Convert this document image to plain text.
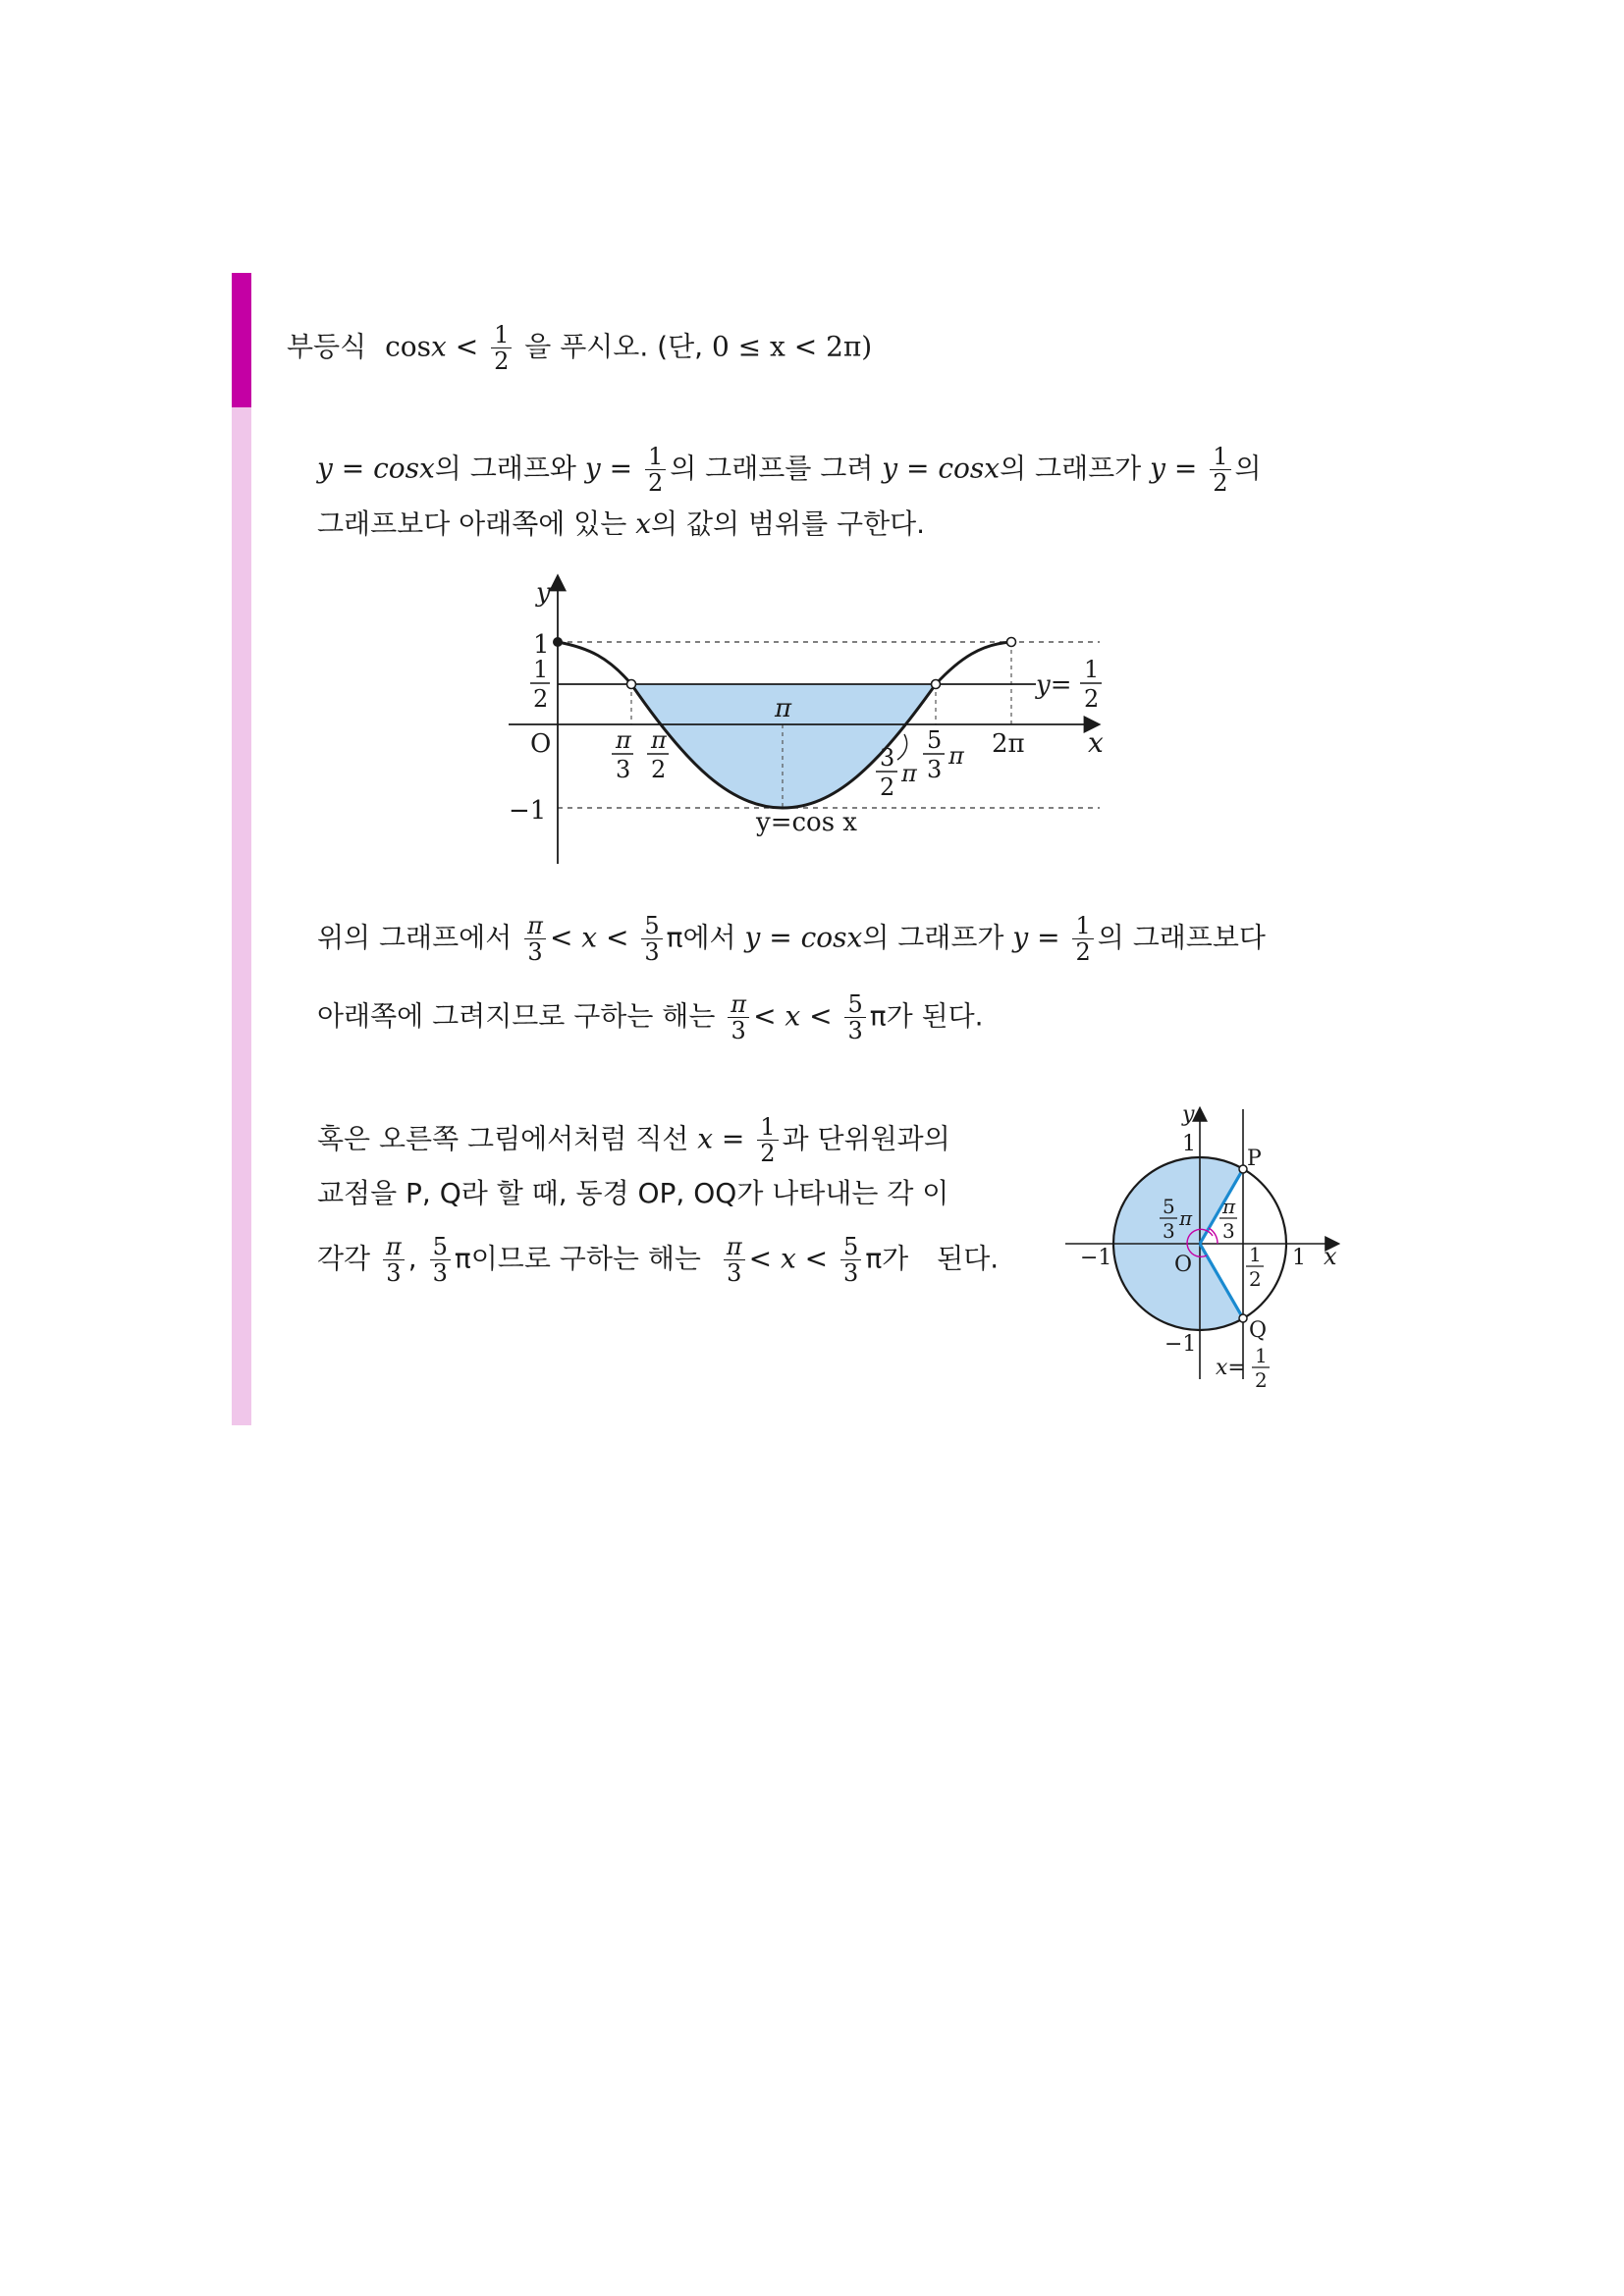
부등식 $\cos x < \frac{1}{2}$ 을 푸시오. (단, 0 ≤ x < 2π)
y = cosx의 그래프와 $y = \frac{1}{2}$ 의 그래프를 그려 y = cosx의 그래프가 $y = \frac{1}{2}$ 의
그래프보다 아래쪽에 있는 x의 값의 범위를 구한다.
y
x
1
1
2
O
−1
π
3
π
2
π
3
2 π
5
3 π 2π
y=
1
2
y=cos x
위의 그래프에서 $\frac{\pi}{3} < x < \frac{5}{3}$ π에서 y = cosx의 그래프가 $y = \frac{1}{2}$ 의 그래프보다
아래쪽에 그려지므로 구하는 해는 $\frac{\pi}{3} < x < \frac{5}{3}$ π가 된다.
혹은 오른쪽 그림에서처럼 직선 $x = \frac{1}{2}$ 과 단위원과의
교점을 P, Q라 할 때, 동경 OP, OQ가 나타내는 각 이
각각 $\frac{\pi}{3}$ , $\frac{5}{3}$ π이므로 구하는 해는 $\frac{\pi}{3} < x < \frac{5}{3}$ π가 된다.
y
1
P
−1	O	1 x
Q
−1
5
3
π π
3
1
2
x= 1
2
